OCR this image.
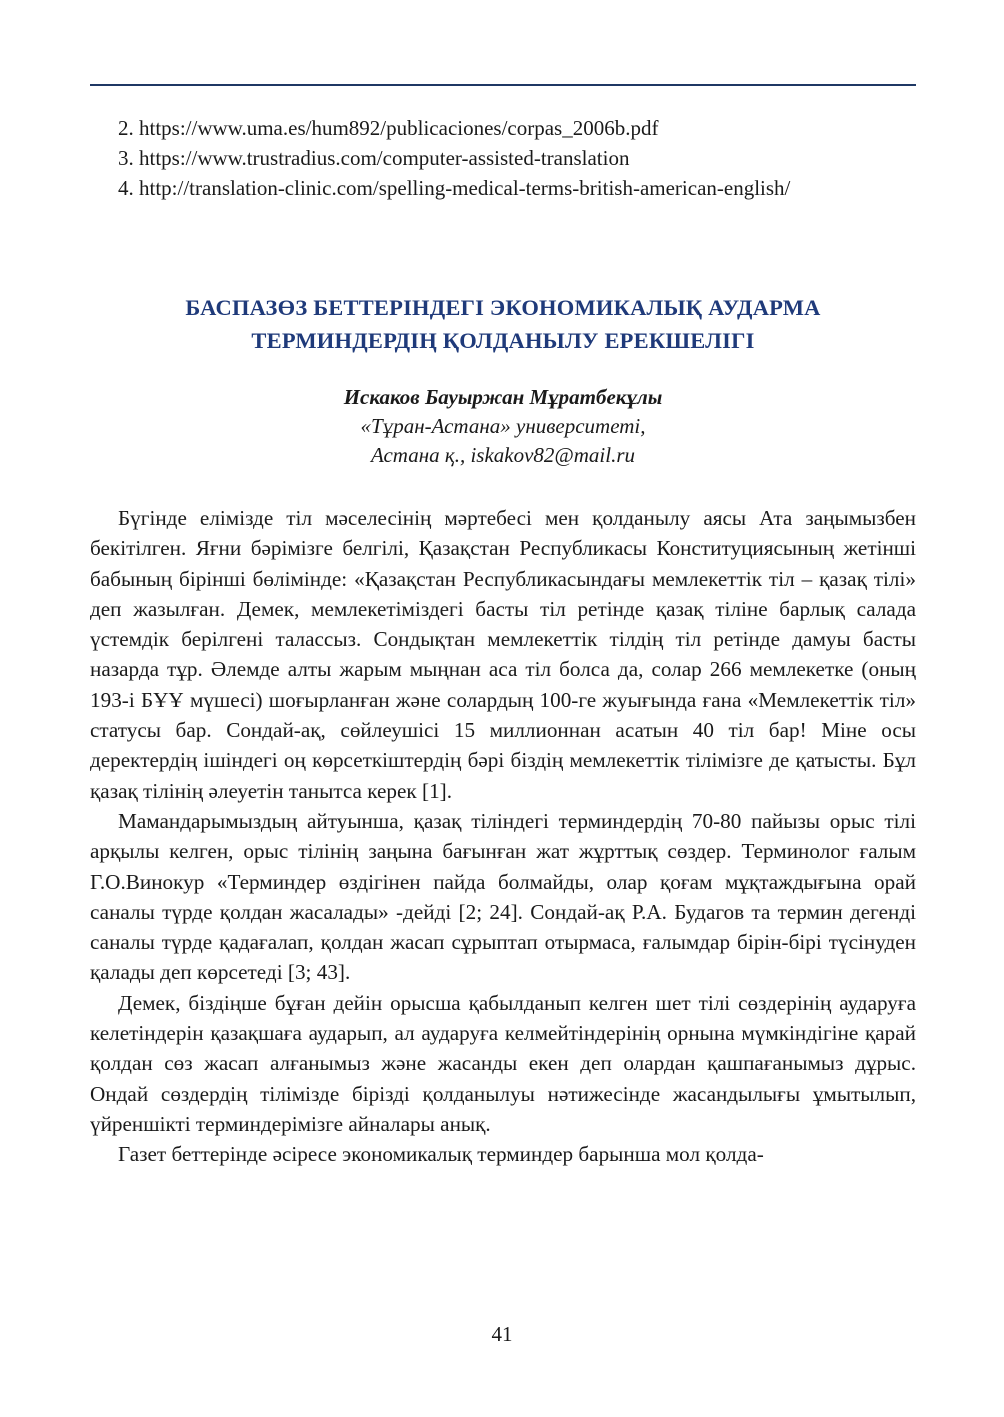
2. https://www.uma.es/hum892/publicaciones/corpas_2006b.pdf

3. https://www.trustradius.com/computer-assisted-translation

4. http://translation-clinic.com/spelling-medical-terms-british-american-english/

БАСПАЗӨЗ БЕТТЕРІНДЕГІ ЭКОНОМИКАЛЫҚ АУДАРМА
ТЕРМИНДЕРДІҢ ҚОЛДАНЫЛУ ЕРЕКШЕЛІГІ
Искаков Бауыржан Мұратбекұлы
«Тұран-Астана» университеті,
Астана қ., iskakov82@mail.ru

Бүгінде елімізде тіл мәселесінің мәртебесі мен қолданылу аясы Ата заңымызбен бекітілген. Яғни бәрімізге белгілі, Қазақстан Республикасы Конституциясының жетінші бабының бірінші бөлімінде: «Қазақстан Республикасындағы мемлекеттік тіл – қазақ тілі» деп жазылған. Демек, мемлекетіміздегі басты тіл ретінде қазақ тіліне барлық салада үстемдік берілгені талассыз. Сондықтан мемлекеттік тілдің тіл ретінде дамуы басты назарда тұр. Әлемде алты жарым мыңнан аса тіл болса да, солар 266 мемлекетке (оның 193-і БҰҰ мүшесі) шоғырланған және солардың 100-ге жуығында ғана «Мемлекеттік тіл» статусы бар. Сондай-ақ, сөйлеушісі 15 миллионнан асатын 40 тіл бар! Міне осы деректердің ішіндегі оң көрсеткіштердің бәрі біздің мемлекеттік тілімізге де қатысты. Бұл қазақ тілінің әлеуетін танытса керек [1].

Мамандарымыздың айтуынша, қазақ тіліндегі терминдердің 70-80 пайызы орыс тілі арқылы келген, орыс тілінің заңына бағынған жат жұрттық сөздер. Терминолог ғалым Г.О.Винокур «Терминдер өздігінен пайда болмайды, олар қоғам мұқтаждығына орай саналы түрде қолдан жасалады» -дейді [2; 24]. Сондай-ақ Р.А. Будагов та термин дегенді саналы түрде қадағалап, қолдан жасап сұрыптап отырмаса, ғалымдар бірін-бірі түсінуден қалады деп көрсетеді [3; 43].

Демек, біздіңше бұған дейін орысша қабылданып келген шет тілі сөздерінің аударуға келетіндерін қазақшаға аударып, ал аударуға келмейтіндерінің орнына мүмкіндігіне қарай қолдан сөз жасап алғанымыз және жасанды екен деп олардан қашпағанымыз дұрыс. Ондай сөздердің тілімізде бірізді қолданылуы нәтижесінде жасандылығы ұмытылып, үйреншікті терминдерімізге айналары анық.

Газет беттерінде әсіресе экономикалық терминдер барынша мол қолда-

41
